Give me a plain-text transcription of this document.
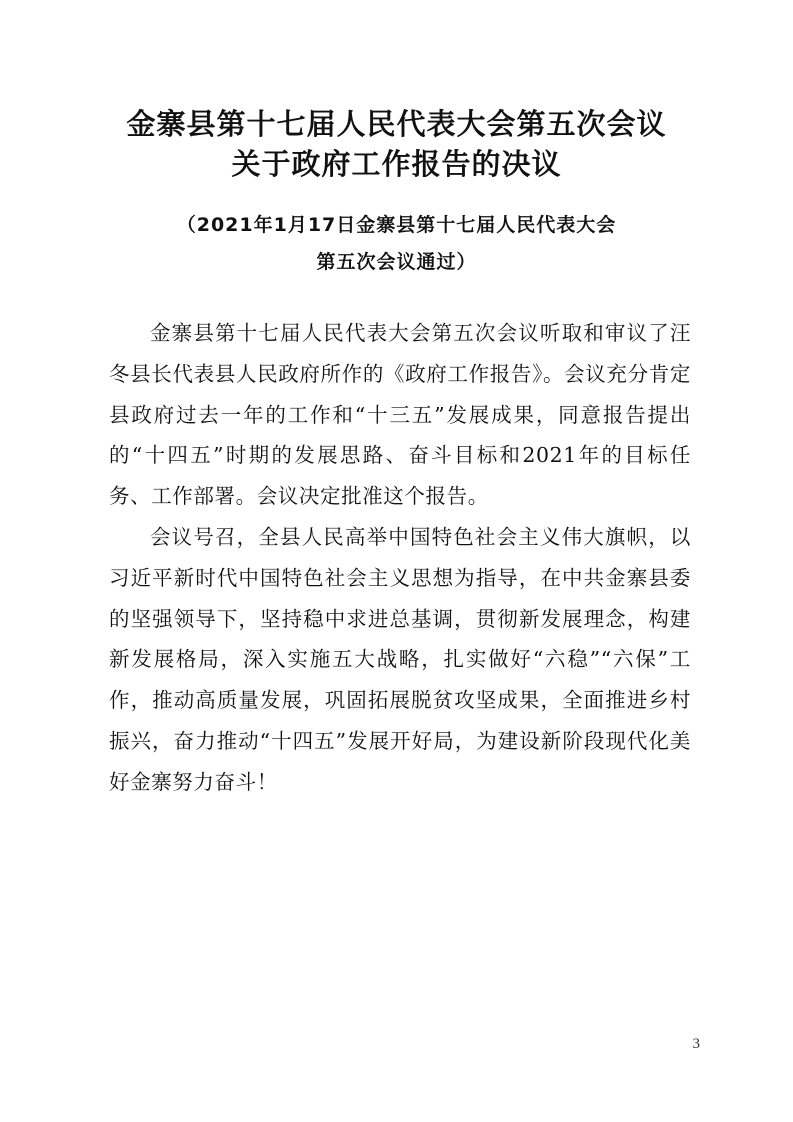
金寨县第十七届人民代表大会第五次会议
关于政府工作报告的决议
（2021年1月17日金寨县第十七届人民代表大会
第五次会议通过）

金寨县第十七届人民代表大会第五次会议听取和审议了汪冬县长代表县人民政府所作的《政府工作报告》。会议充分肯定县政府过去一年的工作和“十三五”发展成果，同意报告提出的“十四五”时期的发展思路、奋斗目标和2021年的目标任务、工作部署。会议决定批准这个报告。

会议号召，全县人民高举中国特色社会主义伟大旗帜，以习近平新时代中国特色社会主义思想为指导，在中共金寨县委的坚强领导下，坚持稳中求进总基调，贯彻新发展理念，构建新发展格局，深入实施五大战略，扎实做好“六稳”“六保”工作，推动高质量发展，巩固拓展脱贫攻坚成果，全面推进乡村振兴，奋力推动“十四五”发展开好局，为建设新阶段现代化美好金寨努力奋斗！

3
